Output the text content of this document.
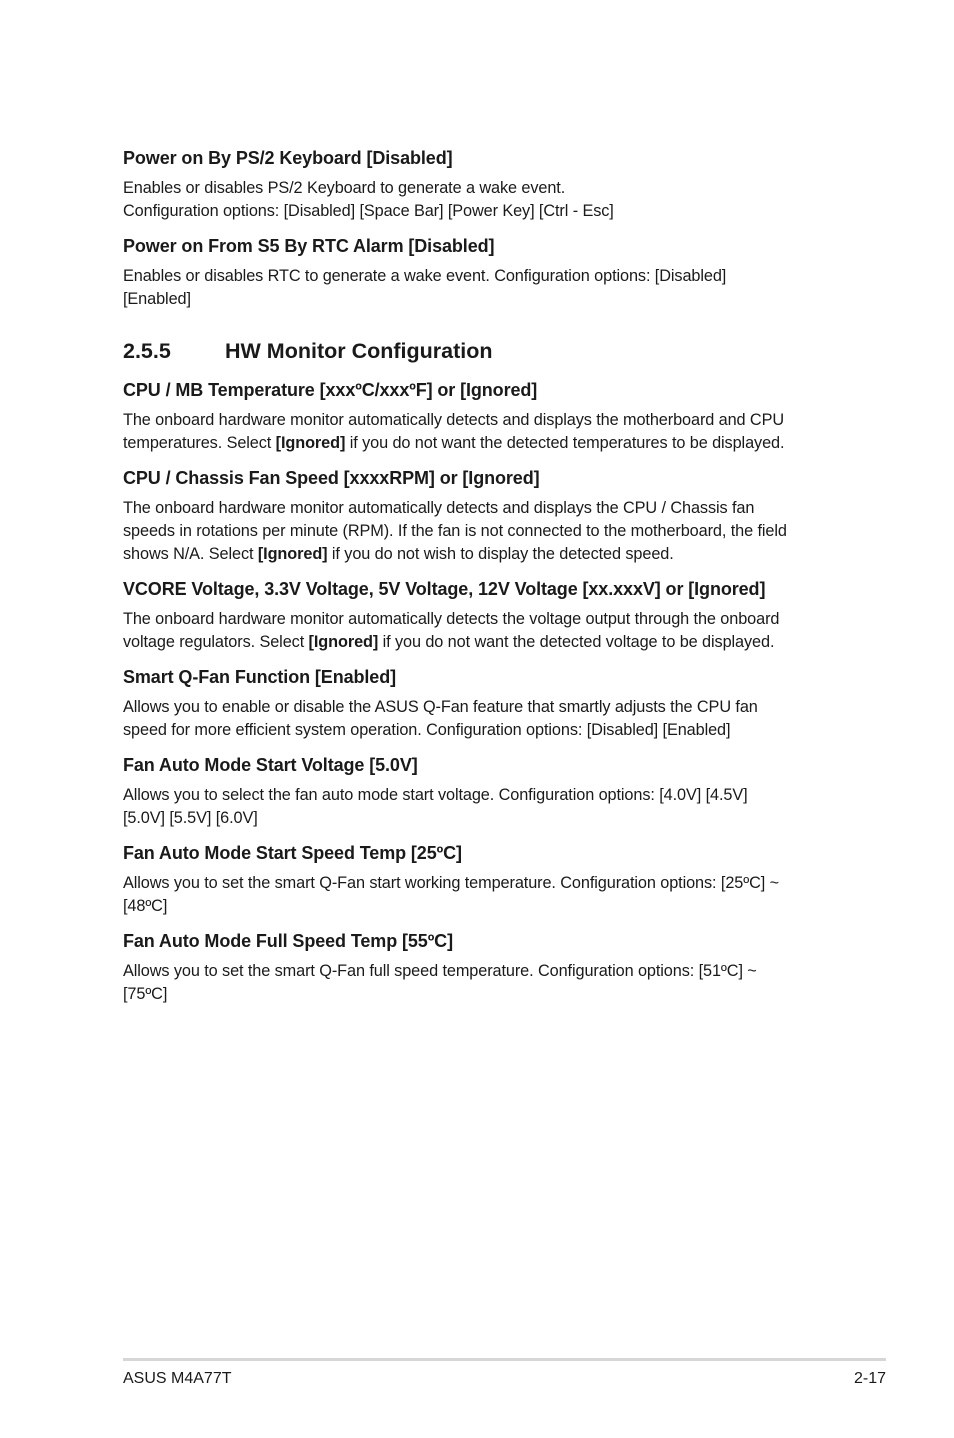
Power on By PS/2 Keyboard [Disabled]
Enables or disables PS/2 Keyboard to generate a wake event.
Configuration options: [Disabled] [Space Bar] [Power Key] [Ctrl - Esc]
Power on From S5 By RTC Alarm [Disabled]
Enables or disables RTC to generate a wake event. Configuration options: [Disabled]
[Enabled]
2.5.5	HW Monitor Configuration
CPU / MB Temperature [xxxºC/xxxºF] or [Ignored]
The onboard hardware monitor automatically detects and displays the motherboard and CPU
temperatures. Select [Ignored] if you do not want the detected temperatures to be displayed.
CPU / Chassis Fan Speed [xxxxRPM] or [Ignored]
The onboard hardware monitor automatically detects and displays the CPU / Chassis fan
speeds in rotations per minute (RPM). If the fan is not connected to the motherboard, the field
shows N/A. Select [Ignored] if you do not wish to display the detected speed.
VCORE Voltage, 3.3V Voltage, 5V Voltage, 12V Voltage [xx.xxxV] or [Ignored]
The onboard hardware monitor automatically detects the voltage output through the onboard
voltage regulators. Select [Ignored] if you do not want the detected voltage to be displayed.
Smart Q-Fan Function [Enabled]
Allows you to enable or disable the ASUS Q-Fan feature that smartly adjusts the CPU fan
speed for more efficient system operation. Configuration options: [Disabled] [Enabled]
Fan Auto Mode Start Voltage [5.0V]
Allows you to select the fan auto mode start voltage. Configuration options: [4.0V] [4.5V]
[5.0V] [5.5V] [6.0V]
Fan Auto Mode Start Speed Temp [25ºC]
Allows you to set the smart Q-Fan start working temperature. Configuration options: [25ºC] ~
[48ºC]
Fan Auto Mode Full Speed Temp [55ºC]
Allows you to set the smart Q-Fan full speed temperature. Configuration options: [51ºC] ~
[75ºC]
ASUS M4A77T	2-17
